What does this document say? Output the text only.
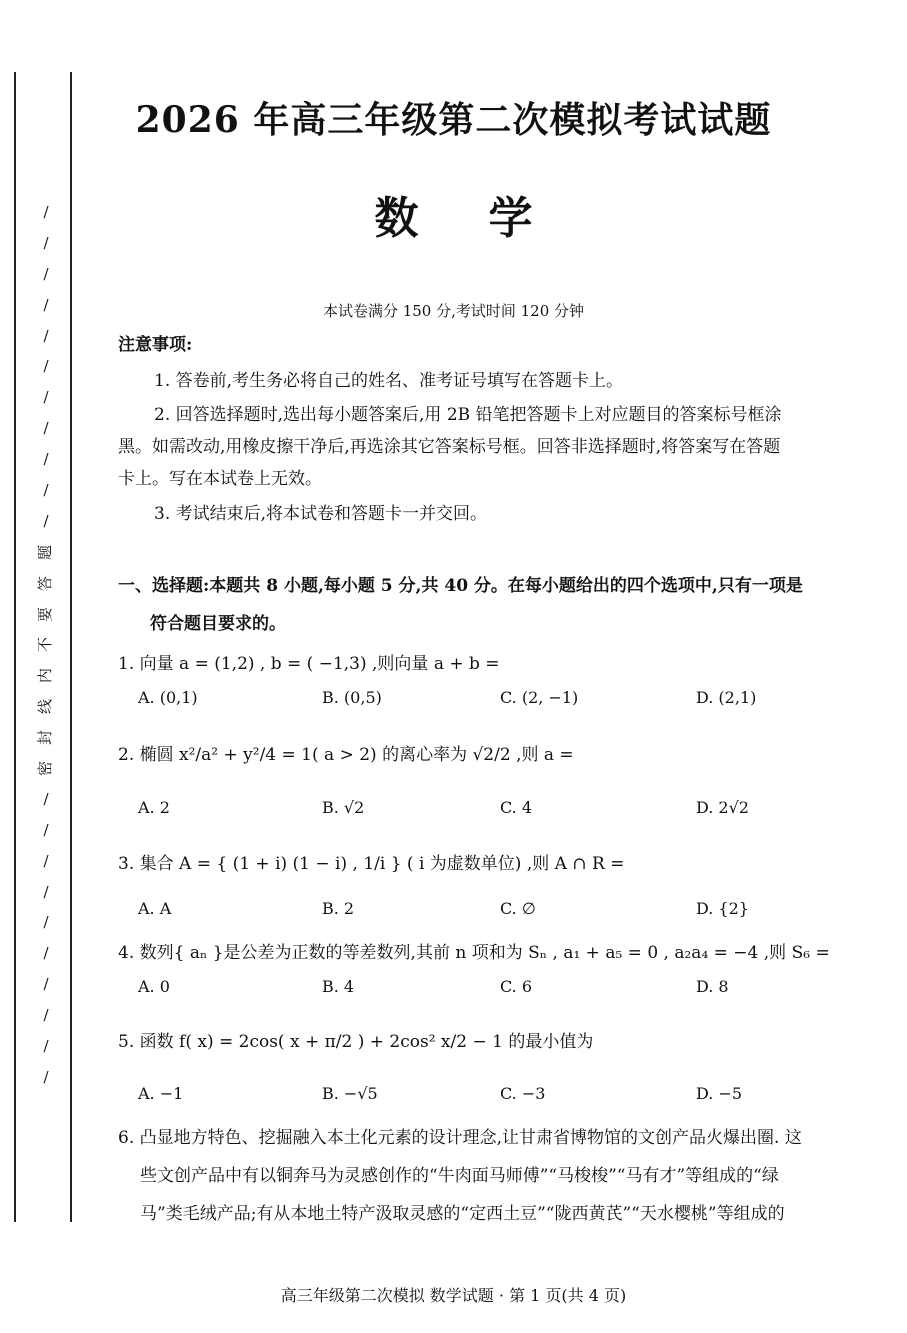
/
/
/
/
/
/
/
/
/
/
/
题
答
要
不
内
线
封
密
/
/
/
/
/
/
/
/
/
/
2026 年高三年级第二次模拟考试试题
数学
本试卷满分 150 分,考试时间 120 分钟
注意事项:
1. 答卷前,考生务必将自己的姓名、准考证号填写在答题卡上。
2. 回答选择题时,选出每小题答案后,用 2B 铅笔把答题卡上对应题目的答案标号框涂
黑。如需改动,用橡皮擦干净后,再选涂其它答案标号框。回答非选择题时,将答案写在答题
卡上。写在本试卷上无效。
3. 考试结束后,将本试卷和答题卡一并交回。
一、选择题:本题共 8 小题,每小题 5 分,共 40 分。在每小题给出的四个选项中,只有一项是
符合题目要求的。
1. 向量 a = (1,2) , b = ( −1,3) ,则向量 a + b =
A. (0,1)	B. (0,5)	C. (2, −1)	D. (2,1)
2. 椭圆 x²/a² + y²/4 = 1( a > 2) 的离心率为 √2/2 ,则 a =
A. 2	B. √2	C. 4	D. 2√2
3. 集合 A = { (1 + i) (1 − i) , 1/i } ( i 为虚数单位) ,则 A ∩ R =
A. A	B. 2	C. ∅	D. {2}
4. 数列{ aₙ }是公差为正数的等差数列,其前 n 项和为 Sₙ , a₁ + a₅ = 0 , a₂a₄ = −4 ,则 S₆ =
A. 0	B. 4	C. 6	D. 8
5. 函数 f( x) = 2cos( x + π/2 ) + 2cos² x/2 − 1 的最小值为
A. −1	B. −√5	C. −3	D. −5
6. 凸显地方特色、挖掘融入本土化元素的设计理念,让甘肃省博物馆的文创产品火爆出圈. 这
些文创产品中有以铜奔马为灵感创作的“牛肉面马师傅”“马梭梭”“马有才”等组成的“绿
马”类毛绒产品;有从本地土特产汲取灵感的“定西土豆”“陇西黄芪”“天水樱桃”等组成的
高三年级第二次模拟 数学试题 · 第 1 页(共 4 页)
